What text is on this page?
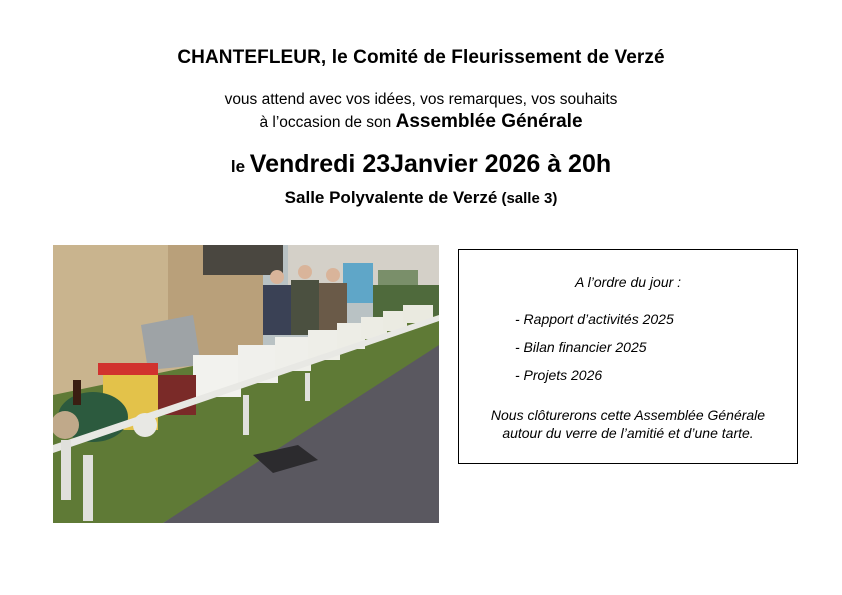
CHANTEFLEUR, le Comité de Fleurissement de Verzé
vous attend avec vos idées, vos remarques, vos souhaits
à l’occasion de son Assemblée Générale
le Vendredi 23Janvier 2026 à 20h
Salle Polyvalente de Verzé (salle 3)
A l’ordre du jour :
- Rapport d’activités 2025
- Bilan financier 2025
- Projets 2026
Nous clôturerons cette Assemblée Générale
autour du verre de l’amitié et d’une tarte.
